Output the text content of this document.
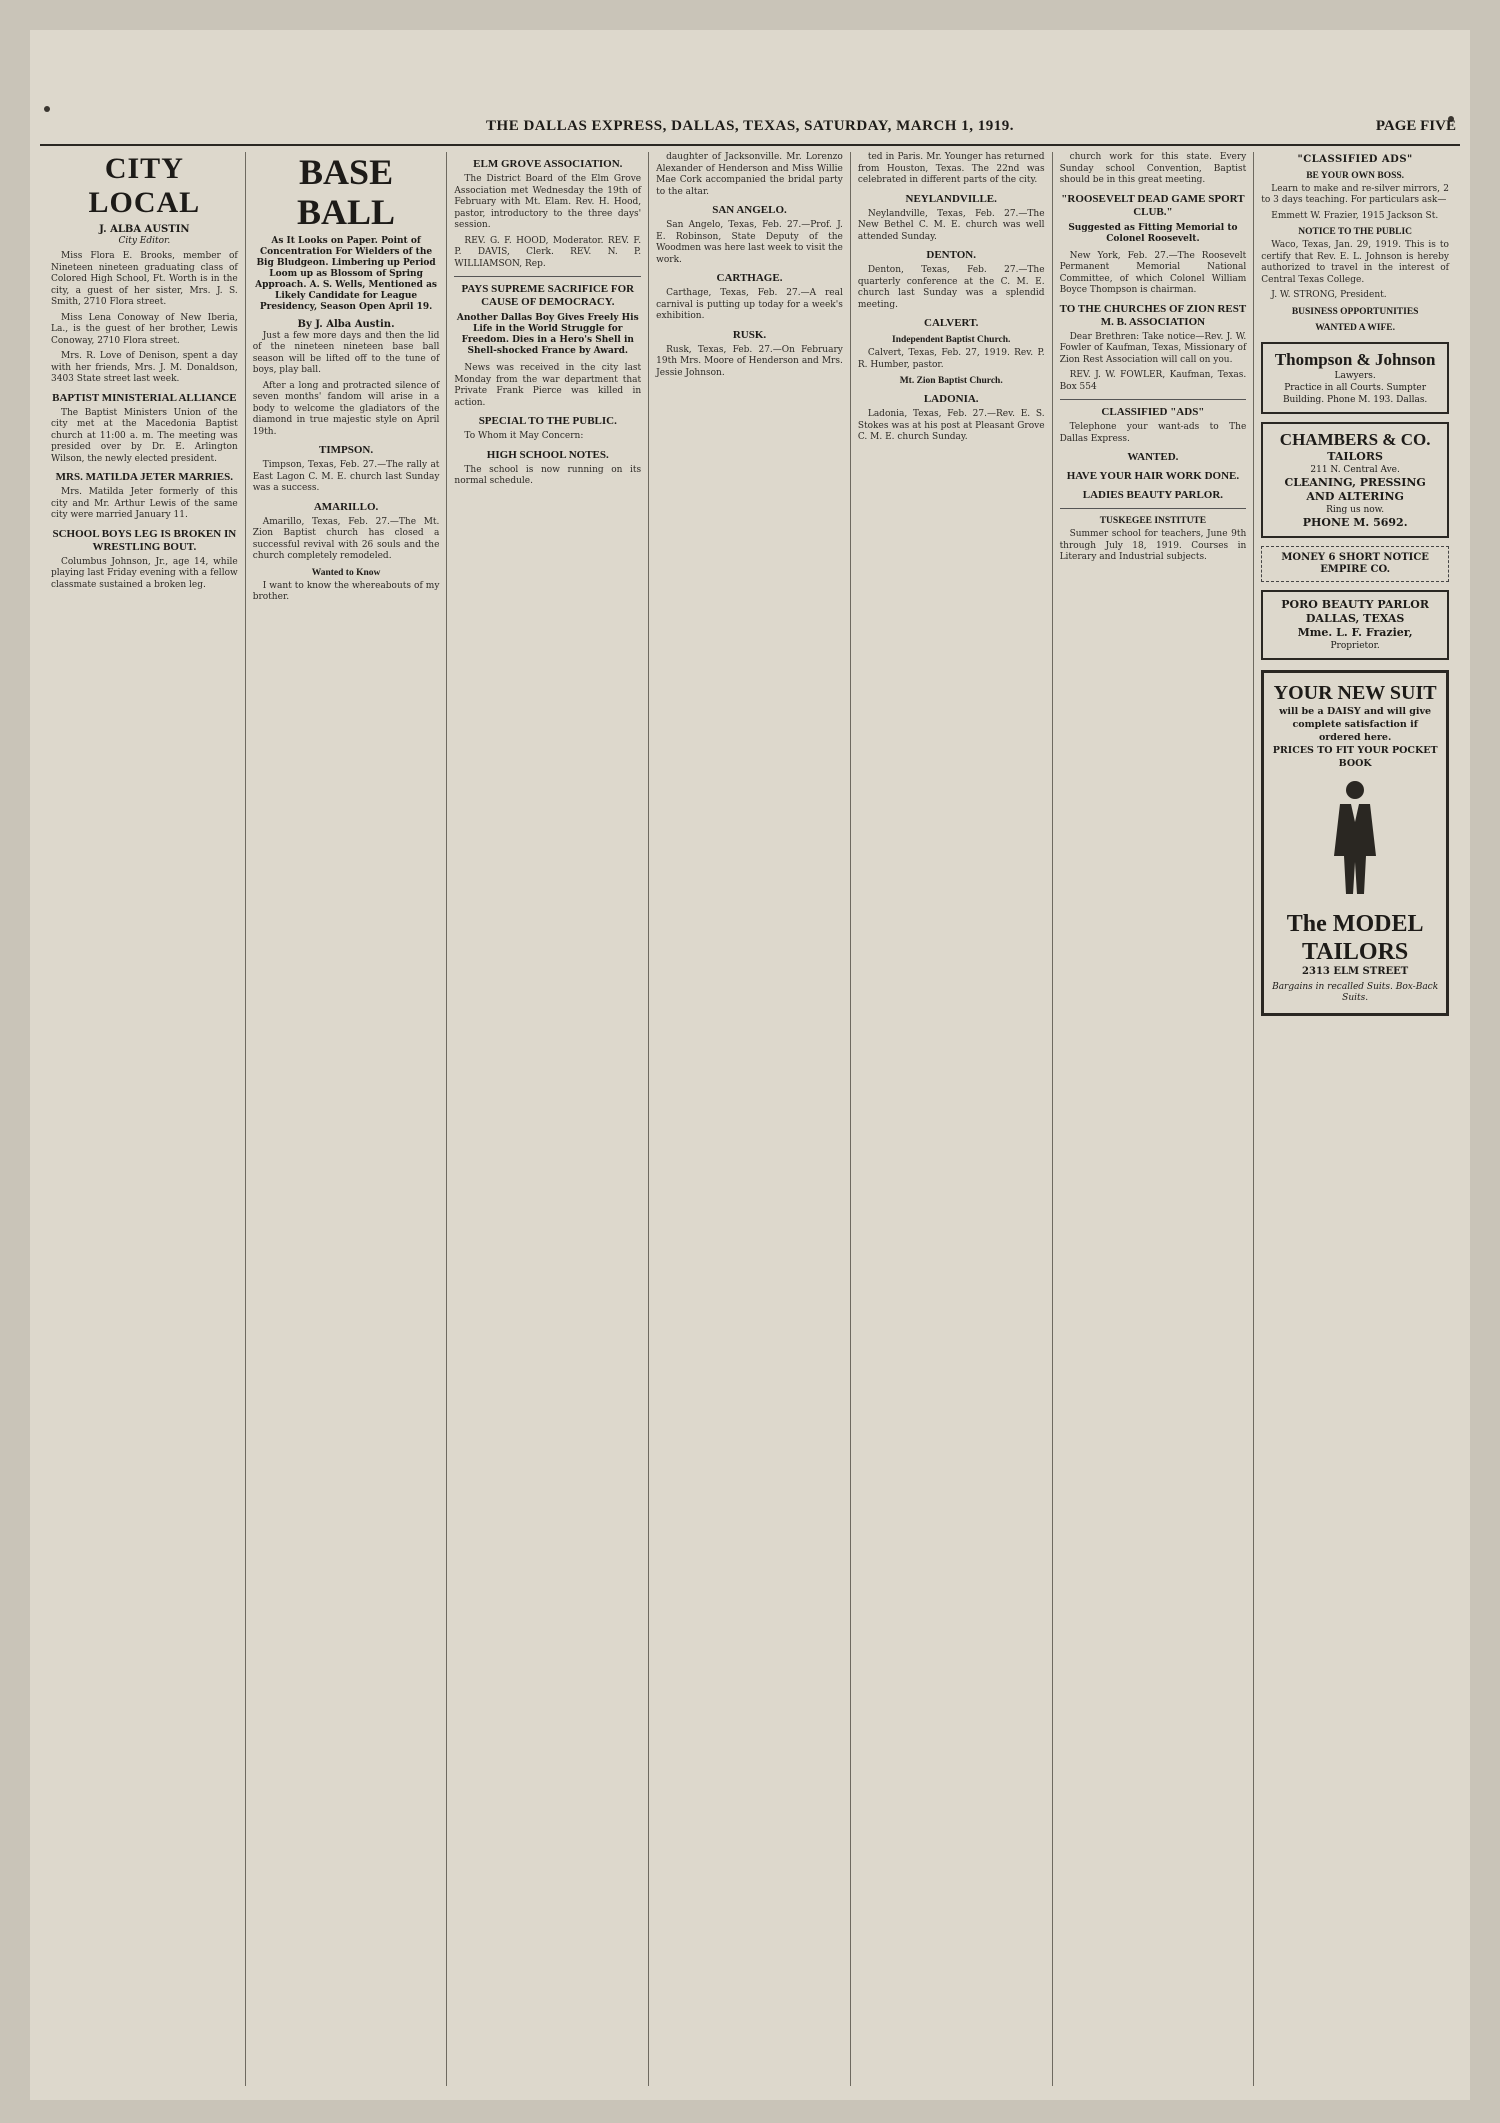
THE DALLAS EXPRESS, DALLAS, TEXAS, SATURDAY, MARCH 1, 1919.	PAGE FIVE
CITY LOCAL
J. ALBA AUSTIN
City Editor.

Miss Flora E. Brooks, member of Nineteen nineteen graduating class of Colored High School, Ft. Worth is in the city, a guest of her sister, Mrs. J. S. Smith, 2710 Flora street.

Miss Lena Conoway of New Iberia, La., is the guest of her brother, Lewis Conoway, 2710 Flora street.

Mrs. R. Love of Denison, spent a day with her friends, Mrs. J. M. Donaldson, 3403 State street last week.

BAPTIST MINISTERIAL ALLIANCE

The Baptist Ministers Union of the city met at the Macedonia Baptist church at 11:00 a. m. The meeting was presided over by Dr. E. Arlington Wilson, the newly elected president.

MRS. MATILDA JETER MARRIES.

Mrs. Matilda Jeter formerly of this city and Mr. Arthur Lewis of the same city were married January 11.

SCHOOL BOYS LEG IS BROKEN IN WRESTLING BOUT.

Columbus Johnson, Jr., age 14, while playing last Friday evening with a fellow classmate sustained a broken leg.

BASE BALL
As It Looks on Paper. Point of Concentration For Wielders of the Big Bludgeon. Limbering up Period Loom up as Blossom of Spring Approach. A. S. Wells, Mentioned as Likely Candidate for League Presidency, Season Open April 19.
By J. Alba Austin.

Just a few more days and then the lid of the nineteen nineteen base ball season will be lifted off to the tune of boys, play ball.

After a long and protracted silence of seven months' fandom will arise in a body to welcome the gladiators of the diamond in true majestic style on April 19th.

TIMPSON.

Timpson, Texas, Feb. 27.—The rally at East Lagon C. M. E. church last Sunday was a success.

AMARILLO.

Amarillo, Texas, Feb. 27.—The Mt. Zion Baptist church has closed a successful revival with 26 souls and the church completely remodeled.

Wanted to Know

I want to know the whereabouts of my brother.

ELM GROVE ASSOCIATION.

The District Board of the Elm Grove Association met Wednesday the 19th of February with Mt. Elam. Rev. H. Hood, pastor, introductory to the three days' session.

REV. G. F. HOOD, Moderator. REV. F. P. DAVIS, Clerk. REV. N. P. WILLIAMSON, Rep.

PAYS SUPREME SACRIFICE FOR CAUSE OF DEMOCRACY.
Another Dallas Boy Gives Freely His Life in the World Struggle for Freedom. Dies in a Hero's Shell in Shell-shocked France by Award.

News was received in the city last Monday from the war department that Private Frank Pierce was killed in action.

SPECIAL TO THE PUBLIC.

To Whom it May Concern:

HIGH SCHOOL NOTES.

The school is now running on its normal schedule.

daughter of Jacksonville. Mr. Lorenzo Alexander of Henderson and Miss Willie Mae Cork accompanied the bridal party to the altar.

SAN ANGELO.

San Angelo, Texas, Feb. 27.—Prof. J. E. Robinson, State Deputy of the Woodmen was here last week to visit the work.

CARTHAGE.

Carthage, Texas, Feb. 27.—A real carnival is putting up today for a week's exhibition.

RUSK.

Rusk, Texas, Feb. 27.—On February 19th Mrs. Moore of Henderson and Mrs. Jessie Johnson.

ted in Paris. Mr. Younger has returned from Houston, Texas. The 22nd was celebrated in different parts of the city.

NEYLANDVILLE.

Neylandville, Texas, Feb. 27.—The New Bethel C. M. E. church was well attended Sunday.

DENTON.

Denton, Texas, Feb. 27.—The quarterly conference at the C. M. E. church last Sunday was a splendid meeting.

CALVERT.
Independent Baptist Church.

Calvert, Texas, Feb. 27, 1919. Rev. P. R. Humber, pastor.

Mt. Zion Baptist Church.
LADONIA.

Ladonia, Texas, Feb. 27.—Rev. E. S. Stokes was at his post at Pleasant Grove C. M. E. church Sunday.

church work for this state. Every Sunday school Convention, Baptist should be in this great meeting.

"ROOSEVELT DEAD GAME SPORT CLUB."
Suggested as Fitting Memorial to Colonel Roosevelt.

New York, Feb. 27.—The Roosevelt Permanent Memorial National Committee, of which Colonel William Boyce Thompson is chairman.

TO THE CHURCHES OF ZION REST M. B. ASSOCIATION

Dear Brethren: Take notice—Rev. J. W. Fowler of Kaufman, Texas, Missionary of Zion Rest Association will call on you.

REV. J. W. FOWLER, Kaufman, Texas. Box 554

CLASSIFIED "ADS"

Telephone your want-ads to The Dallas Express.

WANTED.
HAVE YOUR HAIR WORK DONE.
LADIES BEAUTY PARLOR.
TUSKEGEE INSTITUTE

Summer school for teachers, June 9th through July 18, 1919. Courses in Literary and Industrial subjects.

"CLASSIFIED ADS"
BE YOUR OWN BOSS.

Learn to make and re-silver mirrors, 2 to 3 days teaching. For particulars ask—

Emmett W. Frazier, 1915 Jackson St.

NOTICE TO THE PUBLIC

Waco, Texas, Jan. 29, 1919. This is to certify that Rev. E. L. Johnson is hereby authorized to travel in the interest of Central Texas College.

J. W. STRONG, President.

BUSINESS OPPORTUNITIES
WANTED A WIFE.
Thompson & Johnson
Lawyers.
Practice in all Courts. Sumpter Building. Phone M. 193. Dallas.
CHAMBERS & CO.
TAILORS
211 N. Central Ave.
CLEANING, PRESSING AND ALTERING
Ring us now.
PHONE M. 5692.
MONEY 6 SHORT NOTICE
EMPIRE CO.
PORO BEAUTY PARLOR
DALLAS, TEXAS
Mme. L. F. Frazier,
Proprietor.
YOUR NEW SUIT
will be a DAISY and will give complete satisfaction if ordered here.
PRICES TO FIT YOUR POCKET BOOK
The MODEL TAILORS
2313 ELM STREET
Bargains in recalled Suits. Box-Back Suits.
